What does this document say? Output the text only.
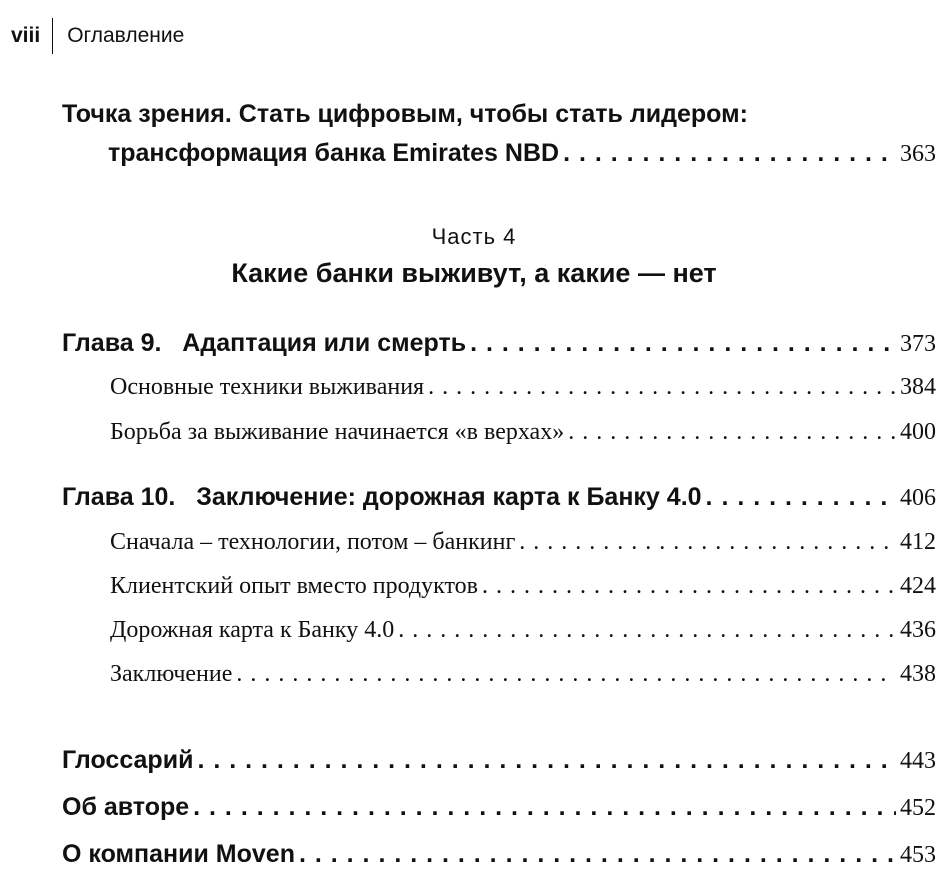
viii	Оглавление
Точка зрения. Стать цифровым, чтобы стать лидером:
трансформация банка Emirates NBD . . .	363
Часть 4
Какие банки выживут, а какие — нет
Глава 9. Адаптация или смерть . . .	373
Основные техники выживания . . .	384
Борьба за выживание начинается «в верхах» . . .	400
Глава 10. Заключение: дорожная карта к Банку 4.0 . . .	406
Сначала – технологии, потом – банкинг . . .	412
Клиентский опыт вместо продуктов . . .	424
Дорожная карта к Банку 4.0 . . .	436
Заключение . . .	438
Глоссарий . . .	443
Об авторе . . .	452
О компании Moven . . .	453
